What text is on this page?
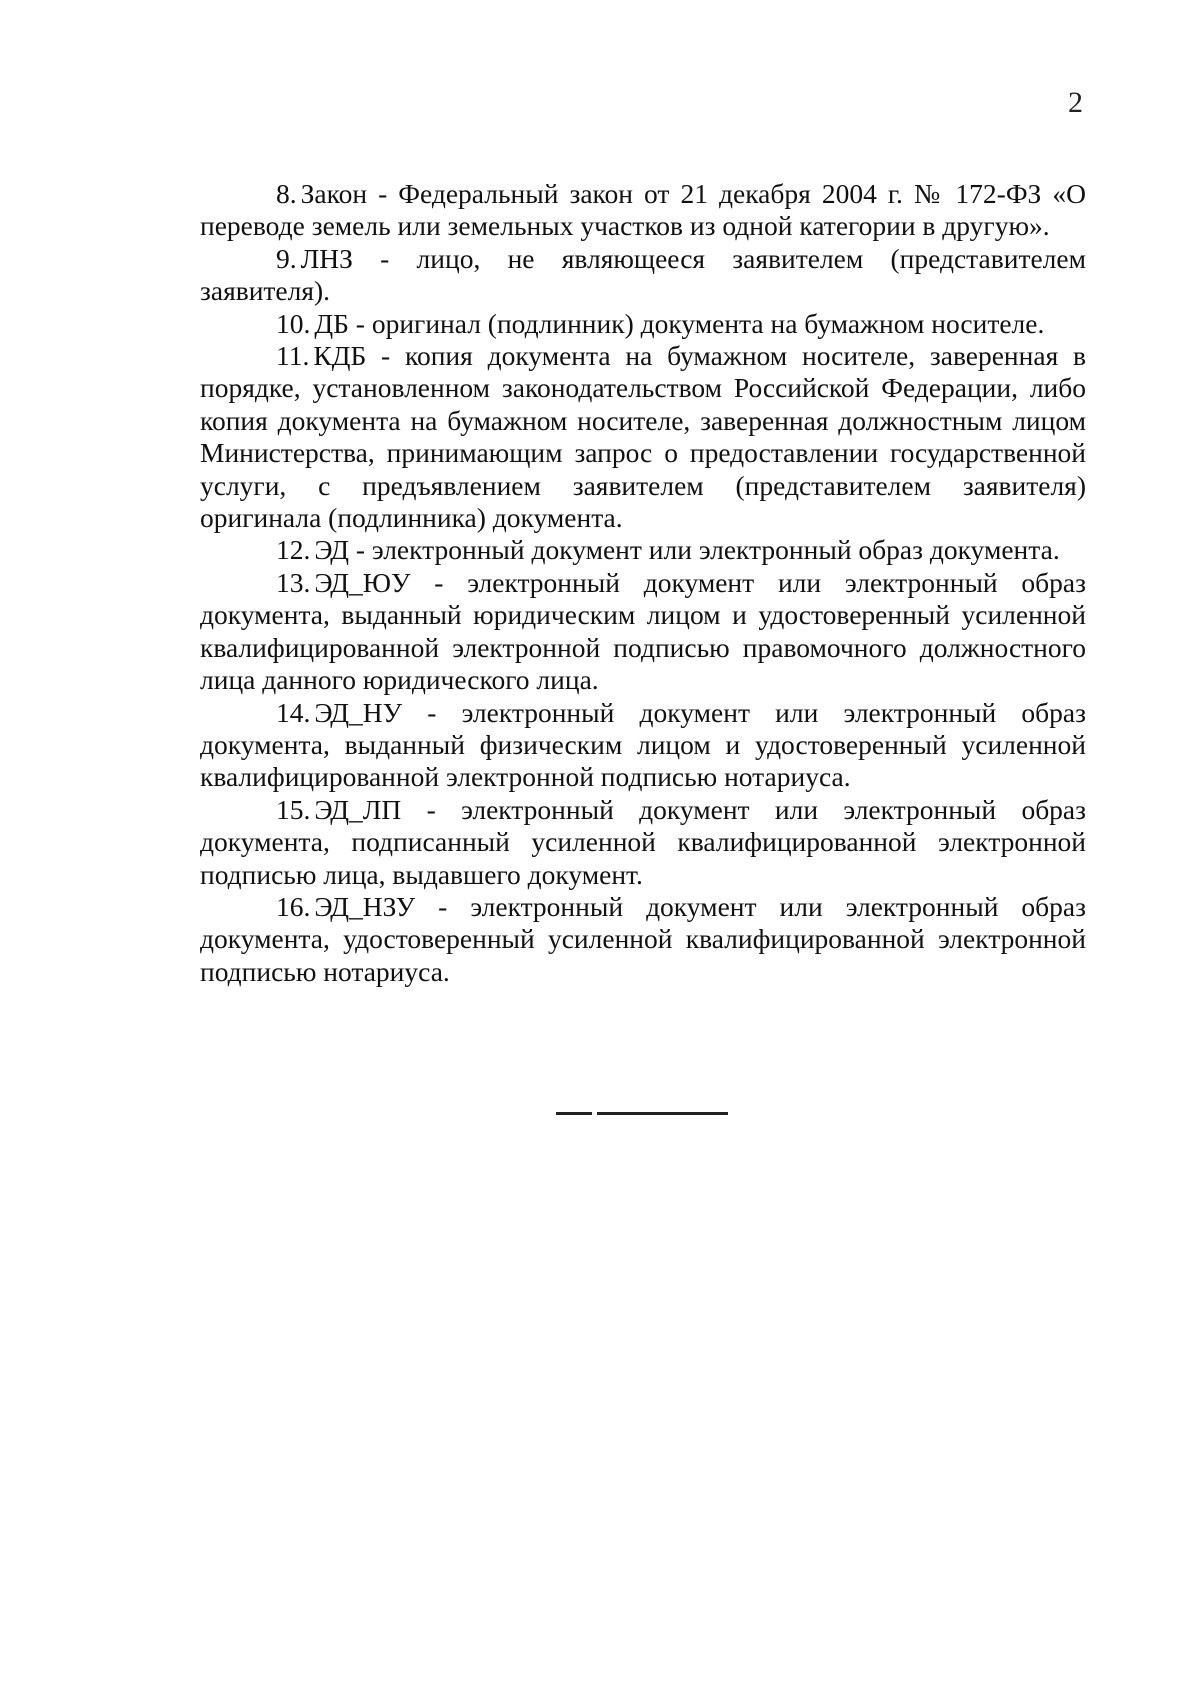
2

8. Закон - Федеральный закон от 21 декабря 2004 г. № 172-ФЗ «О переводе земель или земельных участков из одной категории в другую».

9. ЛНЗ - лицо, не являющееся заявителем (представителем заявителя).

10. ДБ - оригинал (подлинник) документа на бумажном носителе.

11. КДБ - копия документа на бумажном носителе, заверенная в порядке, установленном законодательством Российской Федерации, либо копия документа на бумажном носителе, заверенная должностным лицом Министерства, принимающим запрос о предоставлении государственной услуги, с предъявлением заявителем (представителем заявителя) оригинала (подлинника) документа.

12. ЭД - электронный документ или электронный образ документа.

13. ЭД_ЮУ - электронный документ или электронный образ документа, выданный юридическим лицом и удостоверенный усиленной квалифицированной электронной подписью правомочного должностного лица данного юридического лица.

14. ЭД_НУ - электронный документ или электронный образ документа, выданный физическим лицом и удостоверенный усиленной квалифицированной электронной подписью нотариуса.

15. ЭД_ЛП - электронный документ или электронный образ документа, подписанный усиленной квалифицированной электронной подписью лица, выдавшего документ.

16. ЭД_НЗУ - электронный документ или электронный образ документа, удостоверенный усиленной квалифицированной электронной подписью нотариуса.
